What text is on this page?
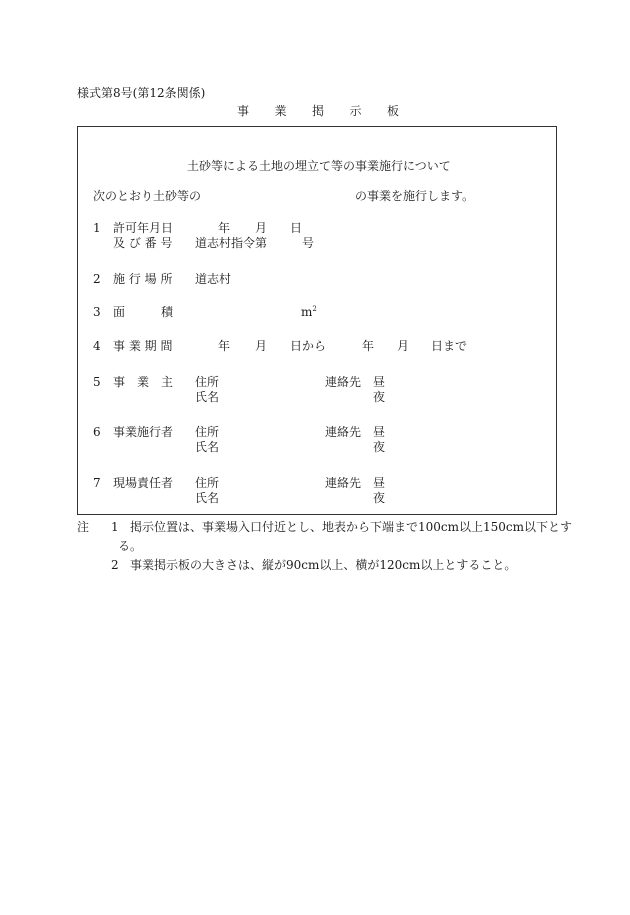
様式第8号(第12条関係)
事　　業　　掲　　示　　板
土砂等による土地の埋立て等の事業施行について
次のとおり土砂等の	の事業を施行します。
1 許可年月日	年 月 日
及 び 番 号 道志村指令第	号
2 施 行 場 所 道志村
3 面　　　積	$m^2$
4 事 業 期 間	年 月 日から	年 月 日まで
5 事　業　主 住所	連絡先 昼
氏名	夜
6 事業施行者 住所	連絡先 昼
氏名	夜
7 現場責任者 住所	連絡先 昼
氏名	夜
注 1 掲示位置は、事業場入口付近とし、地表から下端まで100cm以上150cm以下とす
る。
2 事業掲示板の大きさは、縦が90cm以上、横が120cm以上とすること。
